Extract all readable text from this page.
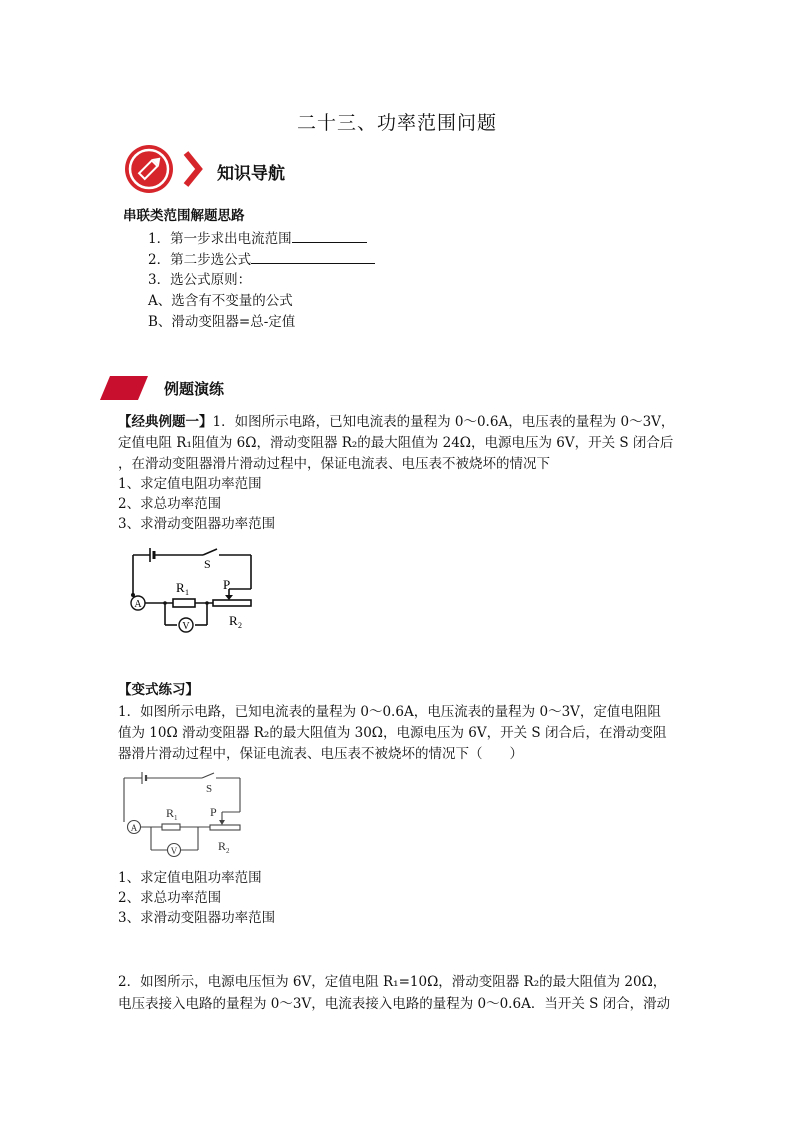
二十三、功率范围问题
知识导航
串联类范围解题思路
1．第一步求出电流范围
2．第二步选公式
3．选公式原则：
A、选含有不变量的公式
B、滑动变阻器=总-定值
例题演练
【经典例题一】1．如图所示电路，已知电流表的量程为 0～0.6A，电压表的量程为 0～3V，
定值电阻 R₁阻值为 6Ω，滑动变阻器 R₂的最大阻值为 24Ω，电源电压为 6V，开关 S 闭合后
，在滑动变阻器滑片滑动过程中，保证电流表、电压表不被烧坏的情况下
1、求定值电阻功率范围
2、求总功率范围
3、求滑动变阻器功率范围
A
V
S
R 1
P
R 2
【变式练习】
1．如图所示电路，已知电流表的量程为 0～0.6A，电压流表的量程为 0～3V，定值电阻阻
值为 10Ω 滑动变阻器 R₂的最大阻值为 30Ω，电源电压为 6V，开关 S 闭合后，在滑动变阻
器滑片滑动过程中，保证电流表、电压表不被烧坏的情况下（　　）
A
V
S
R 1	P
R 2
1、求定值电阻功率范围
2、求总功率范围
3、求滑动变阻器功率范围
2．如图所示，电源电压恒为 6V，定值电阻 R₁=10Ω，滑动变阻器 R₂的最大阻值为 20Ω，
电压表接入电路的量程为 0～3V，电流表接入电路的量程为 0～0.6A．当开关 S 闭合，滑动
